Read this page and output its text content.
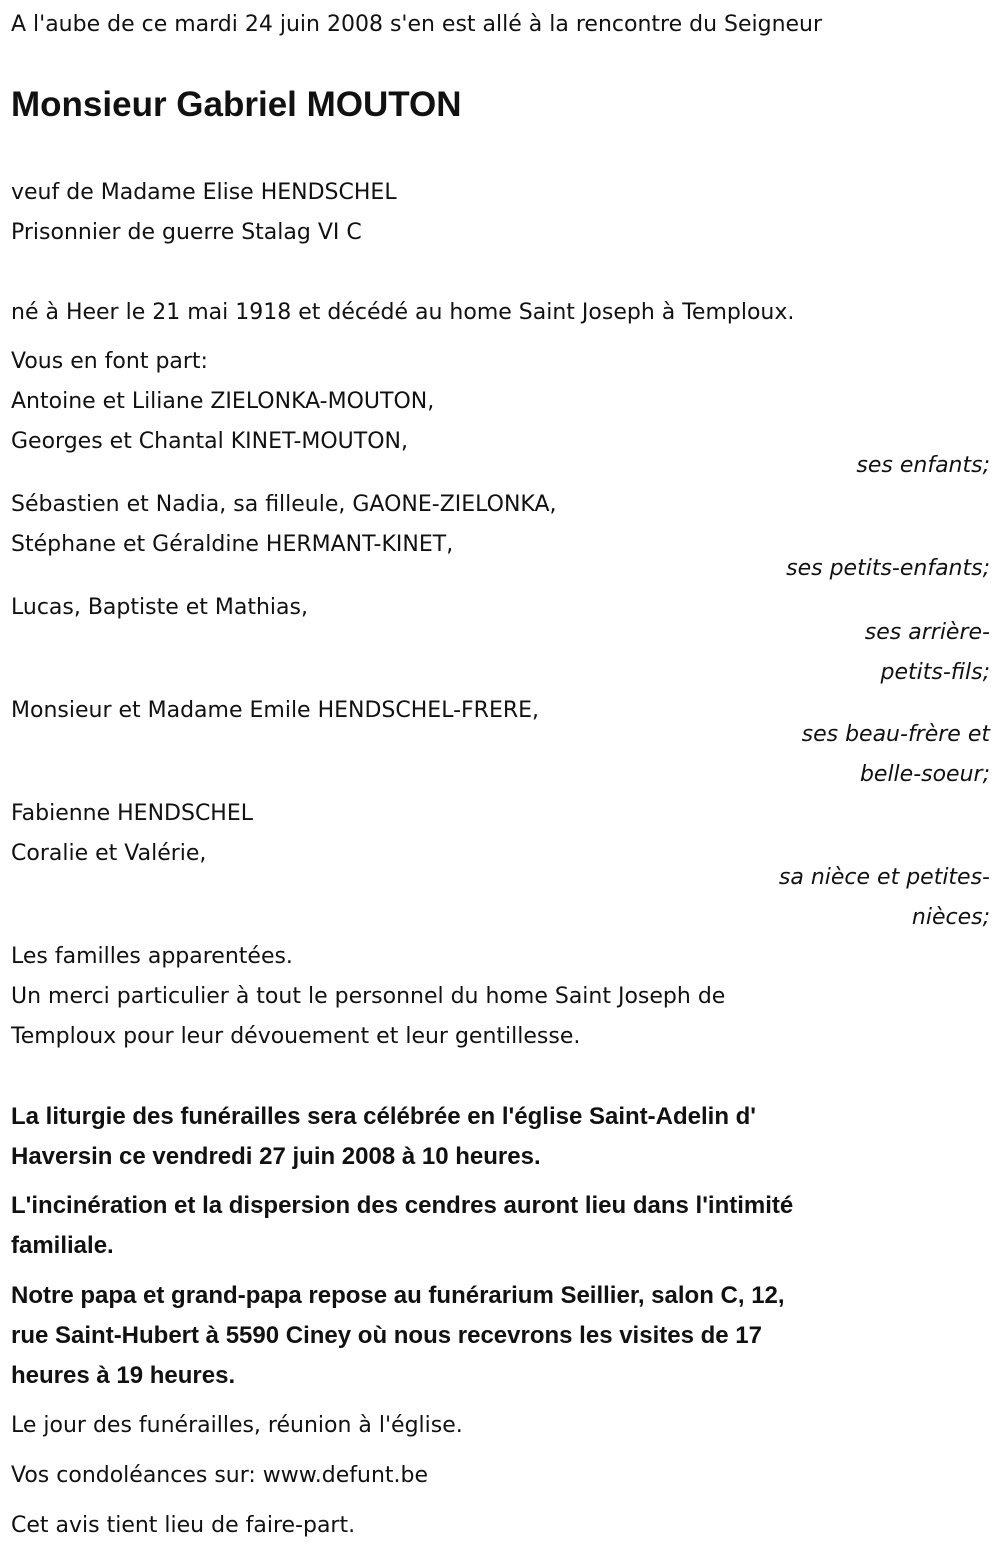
A l'aube de ce mardi 24 juin 2008 s'en est allé à la rencontre du Seigneur
Monsieur Gabriel MOUTON
veuf de Madame Elise HENDSCHEL
Prisonnier de guerre Stalag VI C
né à Heer le 21 mai 1918 et décédé au home Saint Joseph à Temploux.
Vous en font part:
Antoine et Liliane ZIELONKA-MOUTON,
Georges et Chantal KINET-MOUTON,
ses enfants;
Sébastien et Nadia, sa filleule, GAONE-ZIELONKA,
Stéphane et Géraldine HERMANT-KINET,
ses petits-enfants;
Lucas, Baptiste et Mathias,
ses arrière-
petits-fils;
Monsieur et Madame Emile HENDSCHEL-FRERE,
ses beau-frère et
belle-soeur;
Fabienne HENDSCHEL
Coralie et Valérie,
sa nièce et petites-
nièces;
Les familles apparentées.
Un merci particulier à tout le personnel du home Saint Joseph de
Temploux pour leur dévouement et leur gentillesse.
La liturgie des funérailles sera célébrée en l'église Saint-Adelin d'
Haversin ce vendredi 27 juin 2008 à 10 heures.
L'incinération et la dispersion des cendres auront lieu dans l'intimité
familiale.
Notre papa et grand-papa repose au funérarium Seillier, salon C, 12,
rue Saint-Hubert à 5590 Ciney où nous recevrons les visites de 17
heures à 19 heures.
Le jour des funérailles, réunion à l'église.
Vos condoléances sur: www.defunt.be
Cet avis tient lieu de faire-part.
